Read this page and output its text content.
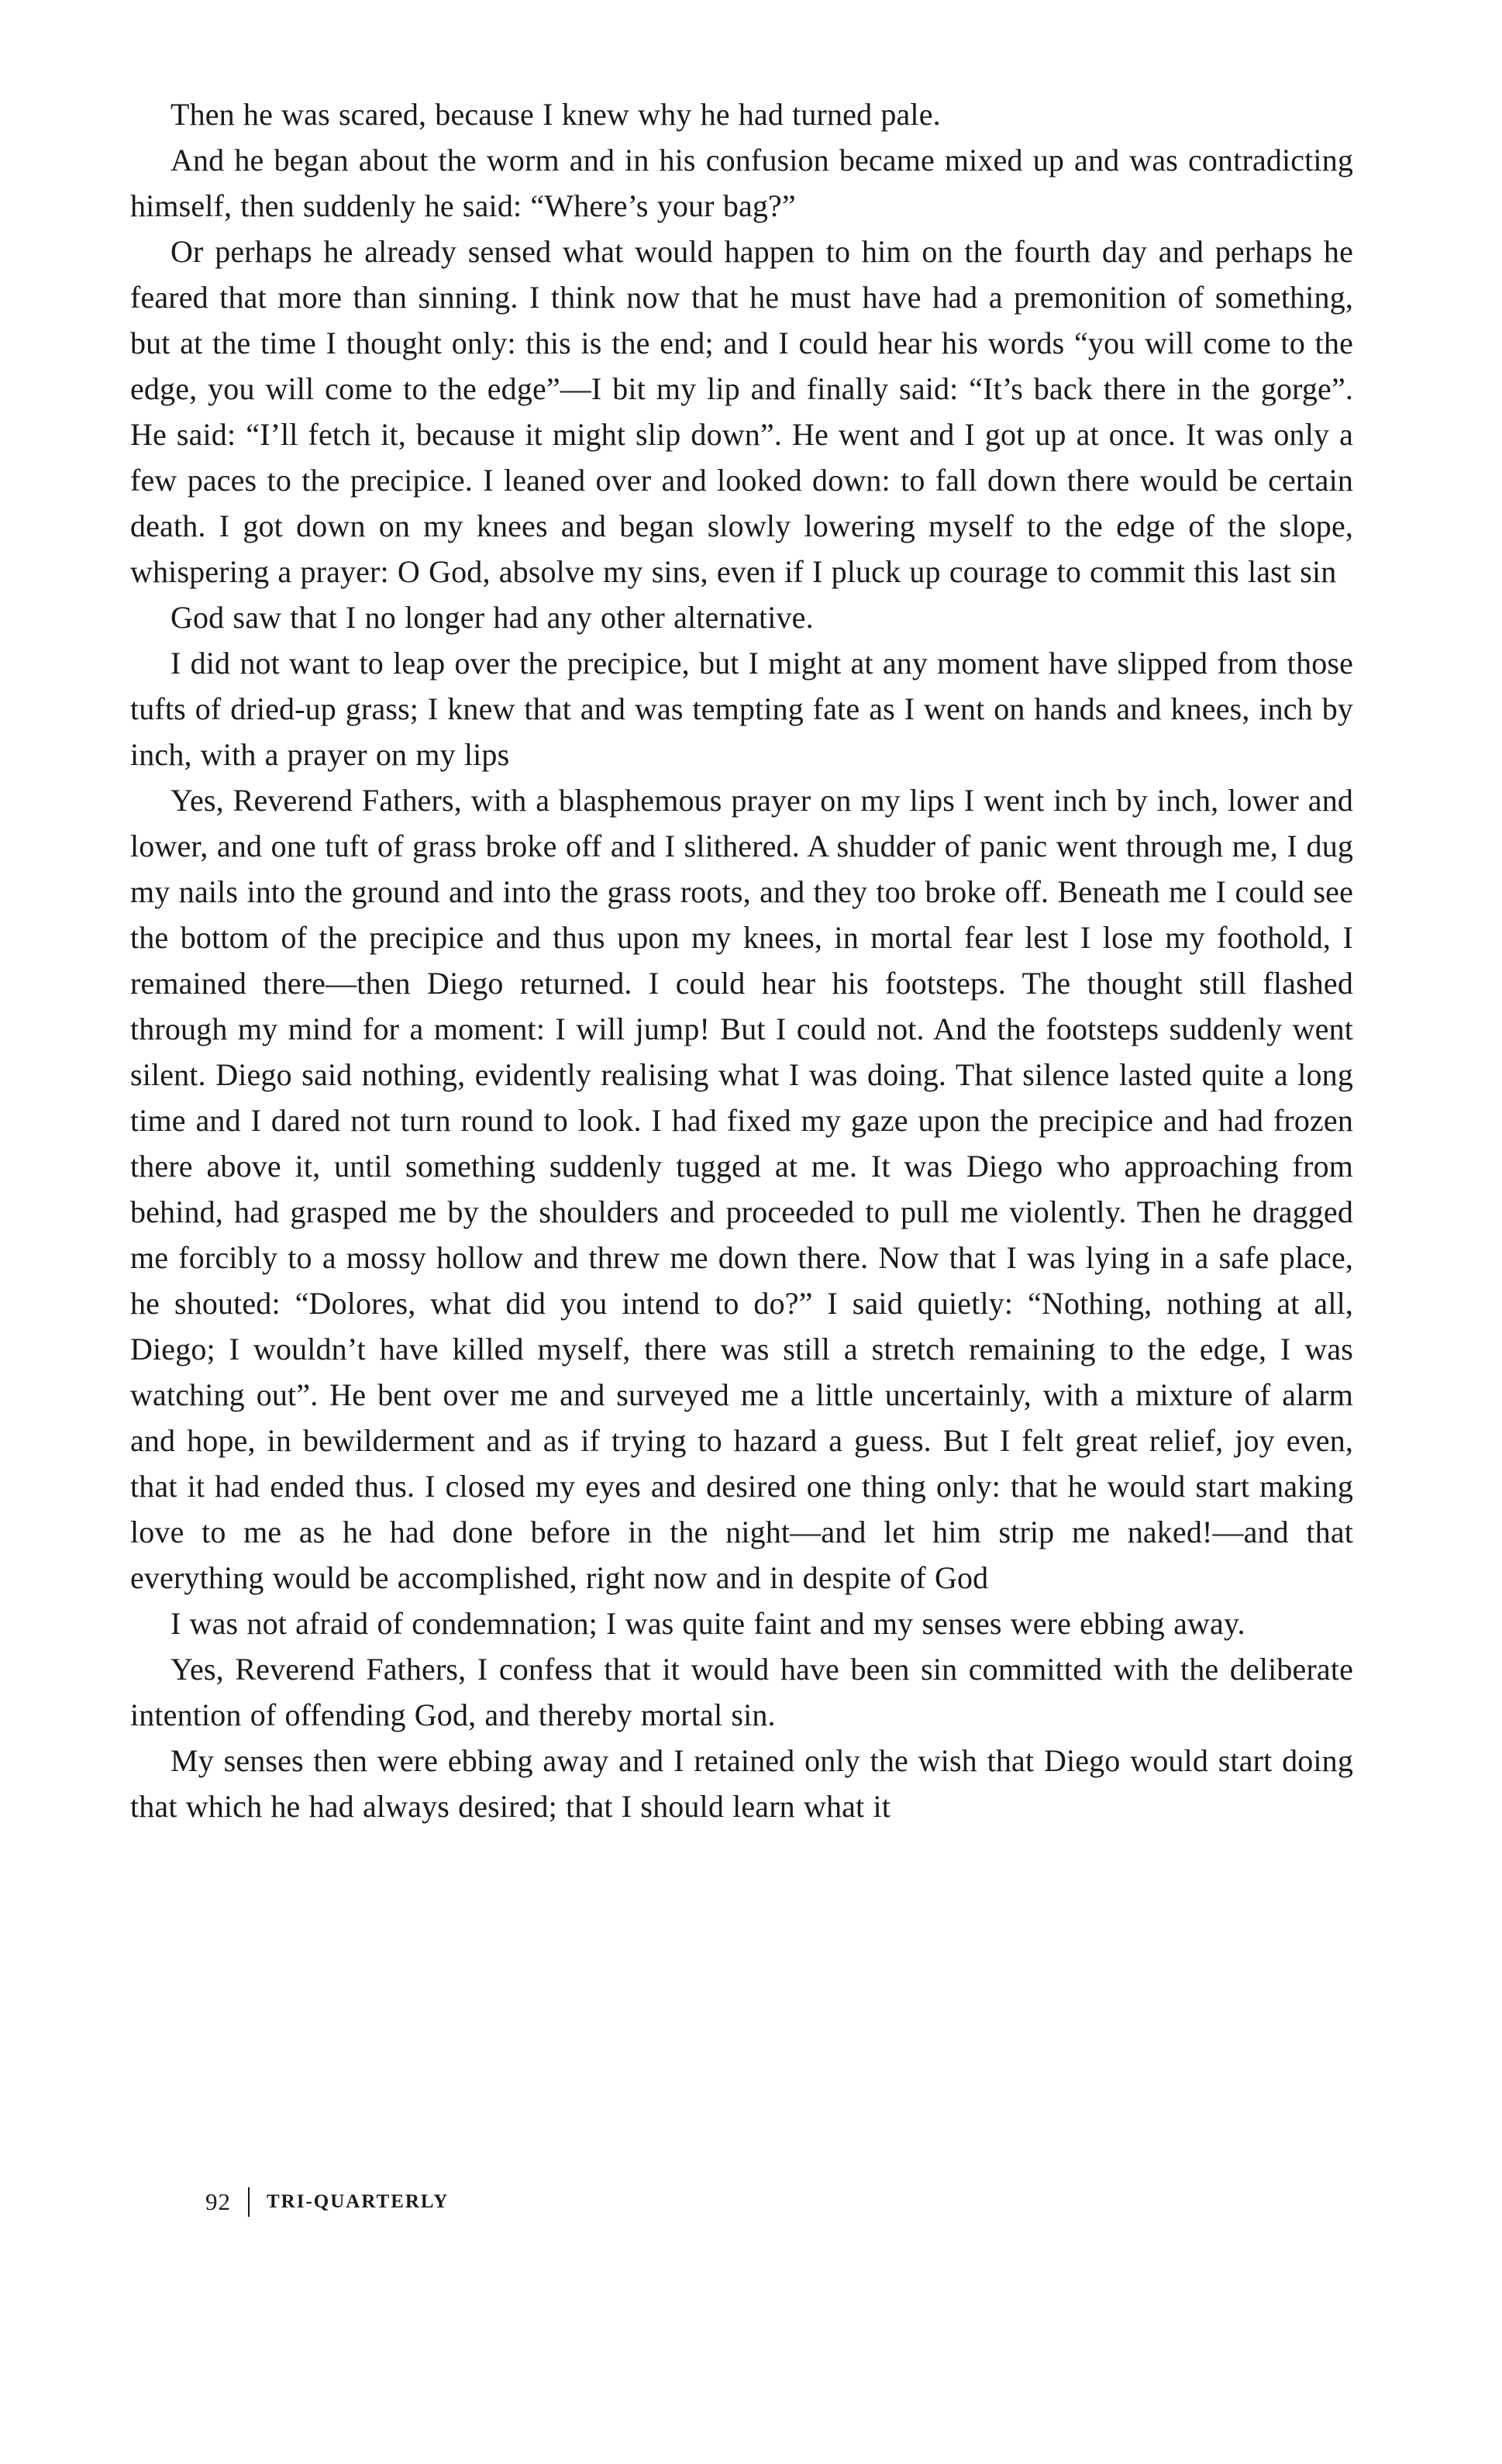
Then he was scared, because I knew why he had turned pale.

And he began about the worm and in his confusion became mixed up and was contradicting himself, then suddenly he said: “Where’s your bag?”

Or perhaps he already sensed what would happen to him on the fourth day and perhaps he feared that more than sinning. I think now that he must have had a premonition of something, but at the time I thought only: this is the end; and I could hear his words “you will come to the edge, you will come to the edge”—I bit my lip and finally said: “It’s back there in the gorge”. He said: “I’ll fetch it, because it might slip down”. He went and I got up at once. It was only a few paces to the precipice. I leaned over and looked down: to fall down there would be certain death. I got down on my knees and began slowly lowering myself to the edge of the slope, whispering a prayer: O God, absolve my sins, even if I pluck up courage to commit this last sin

God saw that I no longer had any other alternative.

I did not want to leap over the precipice, but I might at any moment have slipped from those tufts of dried-up grass; I knew that and was tempting fate as I went on hands and knees, inch by inch, with a prayer on my lips

Yes, Reverend Fathers, with a blasphemous prayer on my lips I went inch by inch, lower and lower, and one tuft of grass broke off and I slithered. A shudder of panic went through me, I dug my nails into the ground and into the grass roots, and they too broke off. Beneath me I could see the bottom of the precipice and thus upon my knees, in mortal fear lest I lose my foothold, I remained there—then Diego returned. I could hear his footsteps. The thought still flashed through my mind for a moment: I will jump! But I could not. And the footsteps suddenly went silent. Diego said nothing, evidently realising what I was doing. That silence lasted quite a long time and I dared not turn round to look. I had fixed my gaze upon the precipice and had frozen there above it, until something suddenly tugged at me. It was Diego who approaching from behind, had grasped me by the shoulders and proceeded to pull me violently. Then he dragged me forcibly to a mossy hollow and threw me down there. Now that I was lying in a safe place, he shouted: “Dolores, what did you intend to do?” I said quietly: “Nothing, nothing at all, Diego; I wouldn’t have killed myself, there was still a stretch remaining to the edge, I was watching out”. He bent over me and surveyed me a little uncertainly, with a mixture of alarm and hope, in bewilderment and as if trying to hazard a guess. But I felt great relief, joy even, that it had ended thus. I closed my eyes and desired one thing only: that he would start making love to me as he had done before in the night—and let him strip me naked!—and that everything would be accomplished, right now and in despite of God

I was not afraid of condemnation; I was quite faint and my senses were ebbing away.

Yes, Reverend Fathers, I confess that it would have been sin committed with the deliberate intention of offending God, and thereby mortal sin.

My senses then were ebbing away and I retained only the wish that Diego would start doing that which he had always desired; that I should learn what it

92 TRI-QUARTERLY
